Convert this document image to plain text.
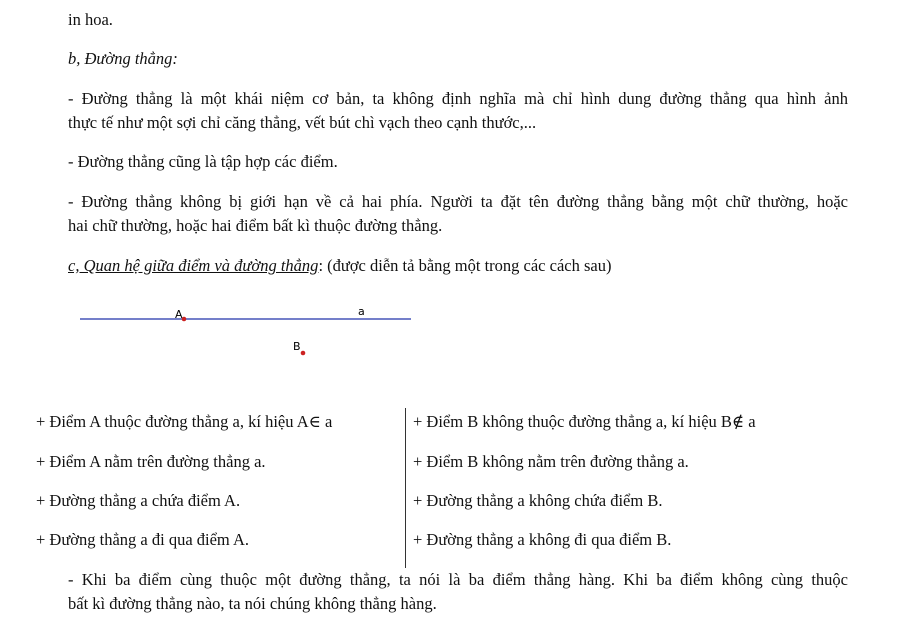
in hoa.
b, Đường thẳng:
- Đường thẳng là một khái niệm cơ bản, ta không định nghĩa mà chỉ hình dung đường thẳng qua hình ảnh
thực tế như một sợi chỉ căng thẳng, vết bút chì vạch theo cạnh thước,...
- Đường thẳng cũng là tập hợp các điểm.
- Đường thẳng không bị giới hạn về cả hai phía. Người ta đặt tên đường thẳng bằng một chữ thường, hoặc
hai chữ thường, hoặc hai điểm bất kì thuộc đường thẳng.
c, Quan hệ giữa điểm và đường thẳng: (được diễn tả bằng một trong các cách sau)
A	a
B
+ Điểm A thuộc đường thẳng a, kí hiệu A∈ a
+ Điểm A nằm trên đường thẳng a.
+ Đường thẳng a chứa điểm A.
+ Đường thẳng a đi qua điểm A.
+ Điểm B không thuộc đường thẳng a, kí hiệu B∉ a
+ Điểm B không nằm trên đường thẳng a.
+ Đường thẳng a không chứa điểm B.
+ Đường thẳng a không đi qua điểm B.
- Khi ba điểm cùng thuộc một đường thẳng, ta nói là ba điểm thẳng hàng. Khi ba điểm không cùng thuộc
bất kì đường thẳng nào, ta nói chúng không thẳng hàng.
